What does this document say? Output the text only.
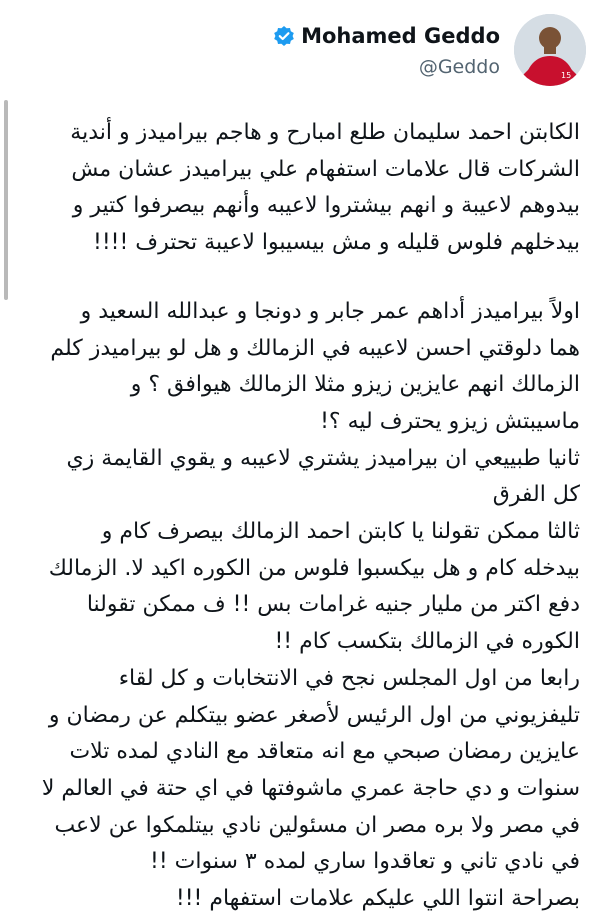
15
Mohamed Geddo
@Geddo
الكابتن احمد سليمان طلع امبارح و هاجم بيراميدز و أندية
الشركات قال علامات استفهام علي بيراميدز عشان مش
بيدوهم لاعيبة و انهم بيشتروا لاعيبه وأنهم بيصرفوا كتير و
بيدخلهم فلوس قليله و مش بيسيبوا لاعيبة تحترف !!!!
اولاً بيراميدز أداهم عمر جابر و دونجا و عبدالله السعيد و
هما دلوقتي احسن لاعيبه في الزمالك و هل لو بيراميدز كلم
الزمالك انهم عايزين زيزو مثلا الزمالك هيوافق ؟ و
ماسيبتش زيزو يحترف ليه ؟!
ثانيا طبييعي ان بيراميدز يشتري لاعيبه و يقوي القايمة زي
كل الفرق
ثالثا ممكن تقولنا يا كابتن احمد الزمالك بيصرف كام و
بيدخله كام و هل بيكسبوا فلوس من الكوره اكيد لا. الزمالك
دفع اكتر من مليار جنيه غرامات بس !! ف ممكن تقولنا
الكوره في الزمالك بتكسب كام !!
رابعا من اول المجلس نجح في الانتخابات و كل لقاء
تليفزيوني من اول الرئيس لأصغر عضو بيتكلم عن رمضان و
عايزين رمضان صبحي مع انه متعاقد مع النادي لمده تلات
سنوات و دي حاجة عمري ماشوفتها في اي حتة في العالم لا
في مصر ولا بره مصر ان مسئولين نادي بيتلمكوا عن لاعب
في نادي تاني و تعاقدوا ساري لمده ٣ سنوات !!
بصراحة انتوا اللي عليكم علامات استفهام !!!
